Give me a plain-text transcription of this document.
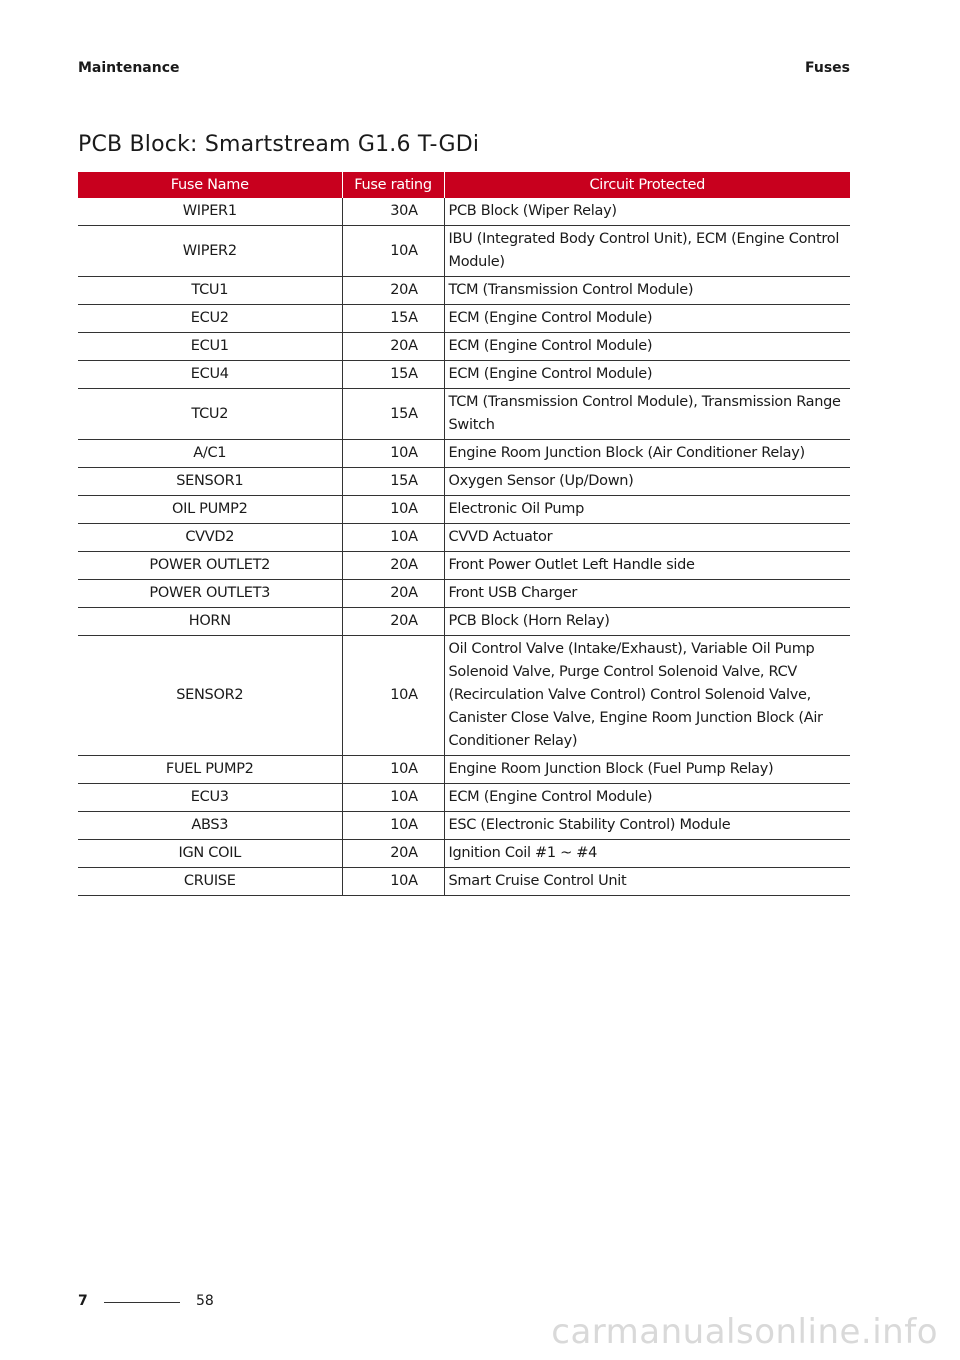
Maintenance	Fuses
PCB Block: Smartstream G1.6 T-GDi
Fuse Name	Fuse rating	Circuit Protected
WIPER1	30A	PCB Block (Wiper Relay)
WIPER2	10A	IBU (Integrated Body Control Unit), ECM (Engine Control Module)
TCU1	20A	TCM (Transmission Control Module)
ECU2	15A	ECM (Engine Control Module)
ECU1	20A	ECM (Engine Control Module)
ECU4	15A	ECM (Engine Control Module)
TCU2	15A	TCM (Transmission Control Module), Transmission Range Switch
A/C1	10A	Engine Room Junction Block (Air Conditioner Relay)
SENSOR1	15A	Oxygen Sensor (Up/Down)
OIL PUMP2	10A	Electronic Oil Pump
CVVD2	10A	CVVD Actuator
POWER OUTLET2	20A	Front Power Outlet Left Handle side
POWER OUTLET3	20A	Front USB Charger
HORN	20A	PCB Block (Horn Relay)
SENSOR2	10A	Oil Control Valve (Intake/Exhaust), Variable Oil Pump Solenoid Valve, Purge Control Solenoid Valve, RCV (Recirculation Valve Control) Control Solenoid Valve, Canister Close Valve, Engine Room Junction Block (Air Conditioner Relay)
FUEL PUMP2	10A	Engine Room Junction Block (Fuel Pump Relay)
ECU3	10A	ECM (Engine Control Module)
ABS3	10A	ESC (Electronic Stability Control) Module
IGN COIL	20A	Ignition Coil #1 ~ #4
CRUISE	10A	Smart Cruise Control Unit
7	58
carmanualsonline.info
